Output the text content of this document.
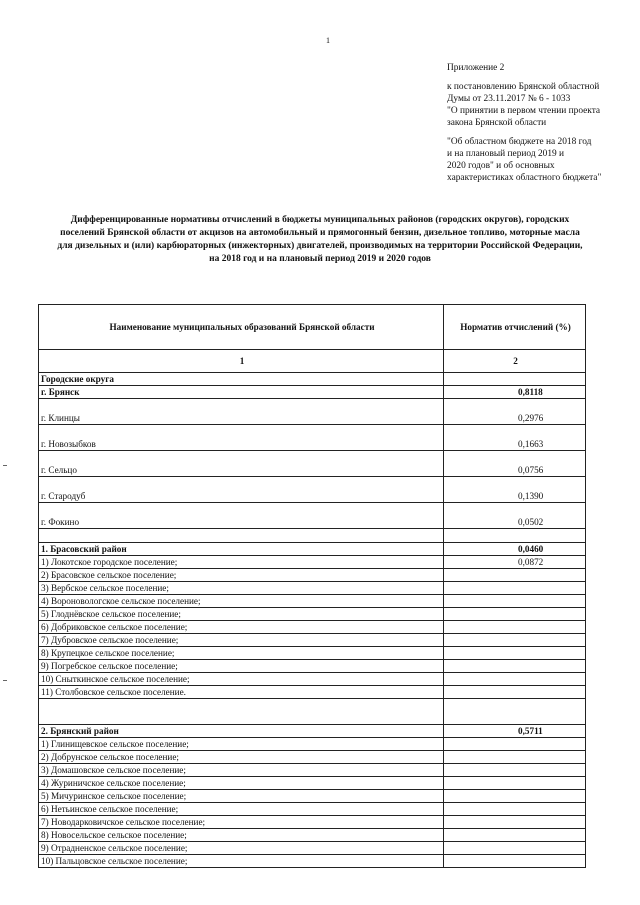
1
Приложение 2
к постановлению Брянской областной
Думы от 23.11.2017 № 6 - 1033
"О принятии в первом чтении проекта
закона Брянской области
"Об областном бюджете на 2018 год
и на плановый период 2019 и
2020 годов" и об основных
характеристиках областного бюджета"
Дифференцированные нормативы отчислений в бюджеты муниципальных районов (городских округов), городских
поселений Брянской области от акцизов на автомобильный и прямогонный бензин, дизельное топливо, моторные масла
для дизельных и (или) карбюраторных (инжекторных) двигателей, производимых на территории Российской Федерации,
на 2018 год и на плановый период 2019 и 2020 годов
Наименование муниципальных образований Брянской области	Норматив отчислений (%)
1	2
Городские округа	
г. Брянск	0,8118
г. Клинцы	0,2976
г. Новозыбков	0,1663
г. Сельцо	0,0756
г. Стародуб	0,1390
г. Фокино	0,0502

1. Брасовский район	0,0460
1) Локотское городское поселение;	0,0872
2) Брасовское сельское поселение;	
3) Вербское сельское поселение;	
4) Вороновологское сельское поселение;	
5) Глоднёвское сельское поселение;	
6) Добриковское сельское поселение;	
7) Дубровское сельское поселение;	
8) Крупецкое сельское поселение;	
9) Погребское сельское поселение;	
10) Сныткинское сельское поселение;	
11) Столбовское сельское поселение.	

2. Брянский район	0,5711
1) Глинищевское сельское поселение;	
2) Добрунское сельское поселение;	
3) Домашовское сельское поселение;	
4) Журиничское сельское поселение;	
5) Мичуринское сельское поселение;	
6) Нетьинское сельское поселение;	
7) Новодарковичское сельское поселение;	
8) Новосельское сельское поселение;	
9) Отрадненское сельское поселение;	
10) Пальцовское сельское поселение;	
